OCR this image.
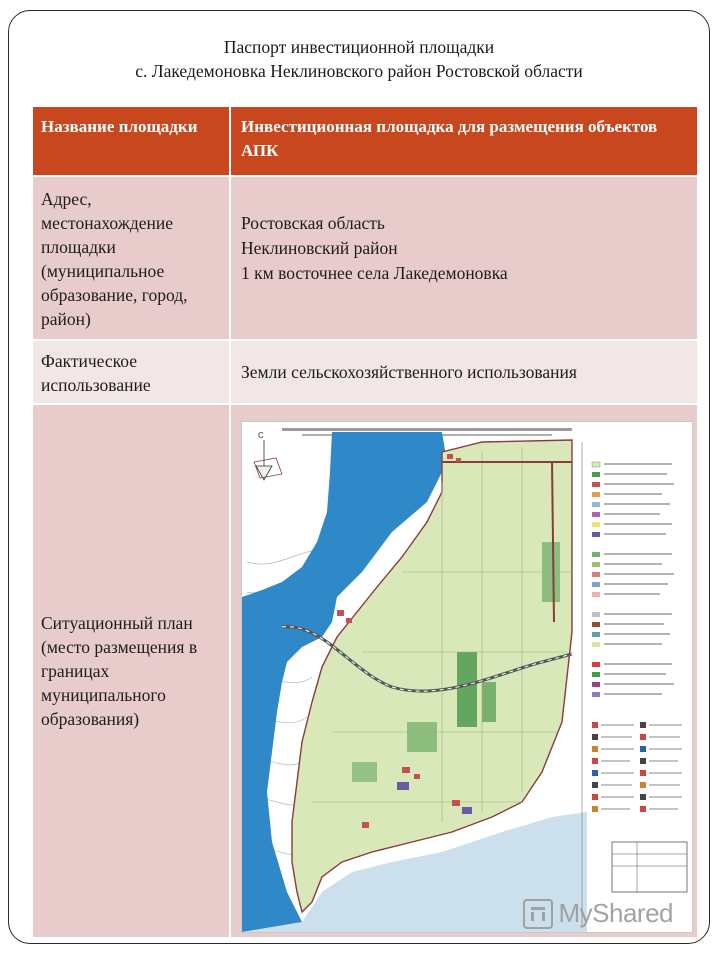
Паспорт инвестиционной площадки
с. Лакедемоновка Неклиновского район Ростовской области
Название площадки	Инвестиционная площадка для размещения объектов АПК
Адрес, местонахождение площадки (муниципальное образование, город, район)
Ростовская область
Неклиновский район
1 км восточнее села Лакедемоновка
Фактическое использование
Земли сельскохозяйственного использования
Ситуационный план (место размещения в границах муниципального образования)
С
MyShared
